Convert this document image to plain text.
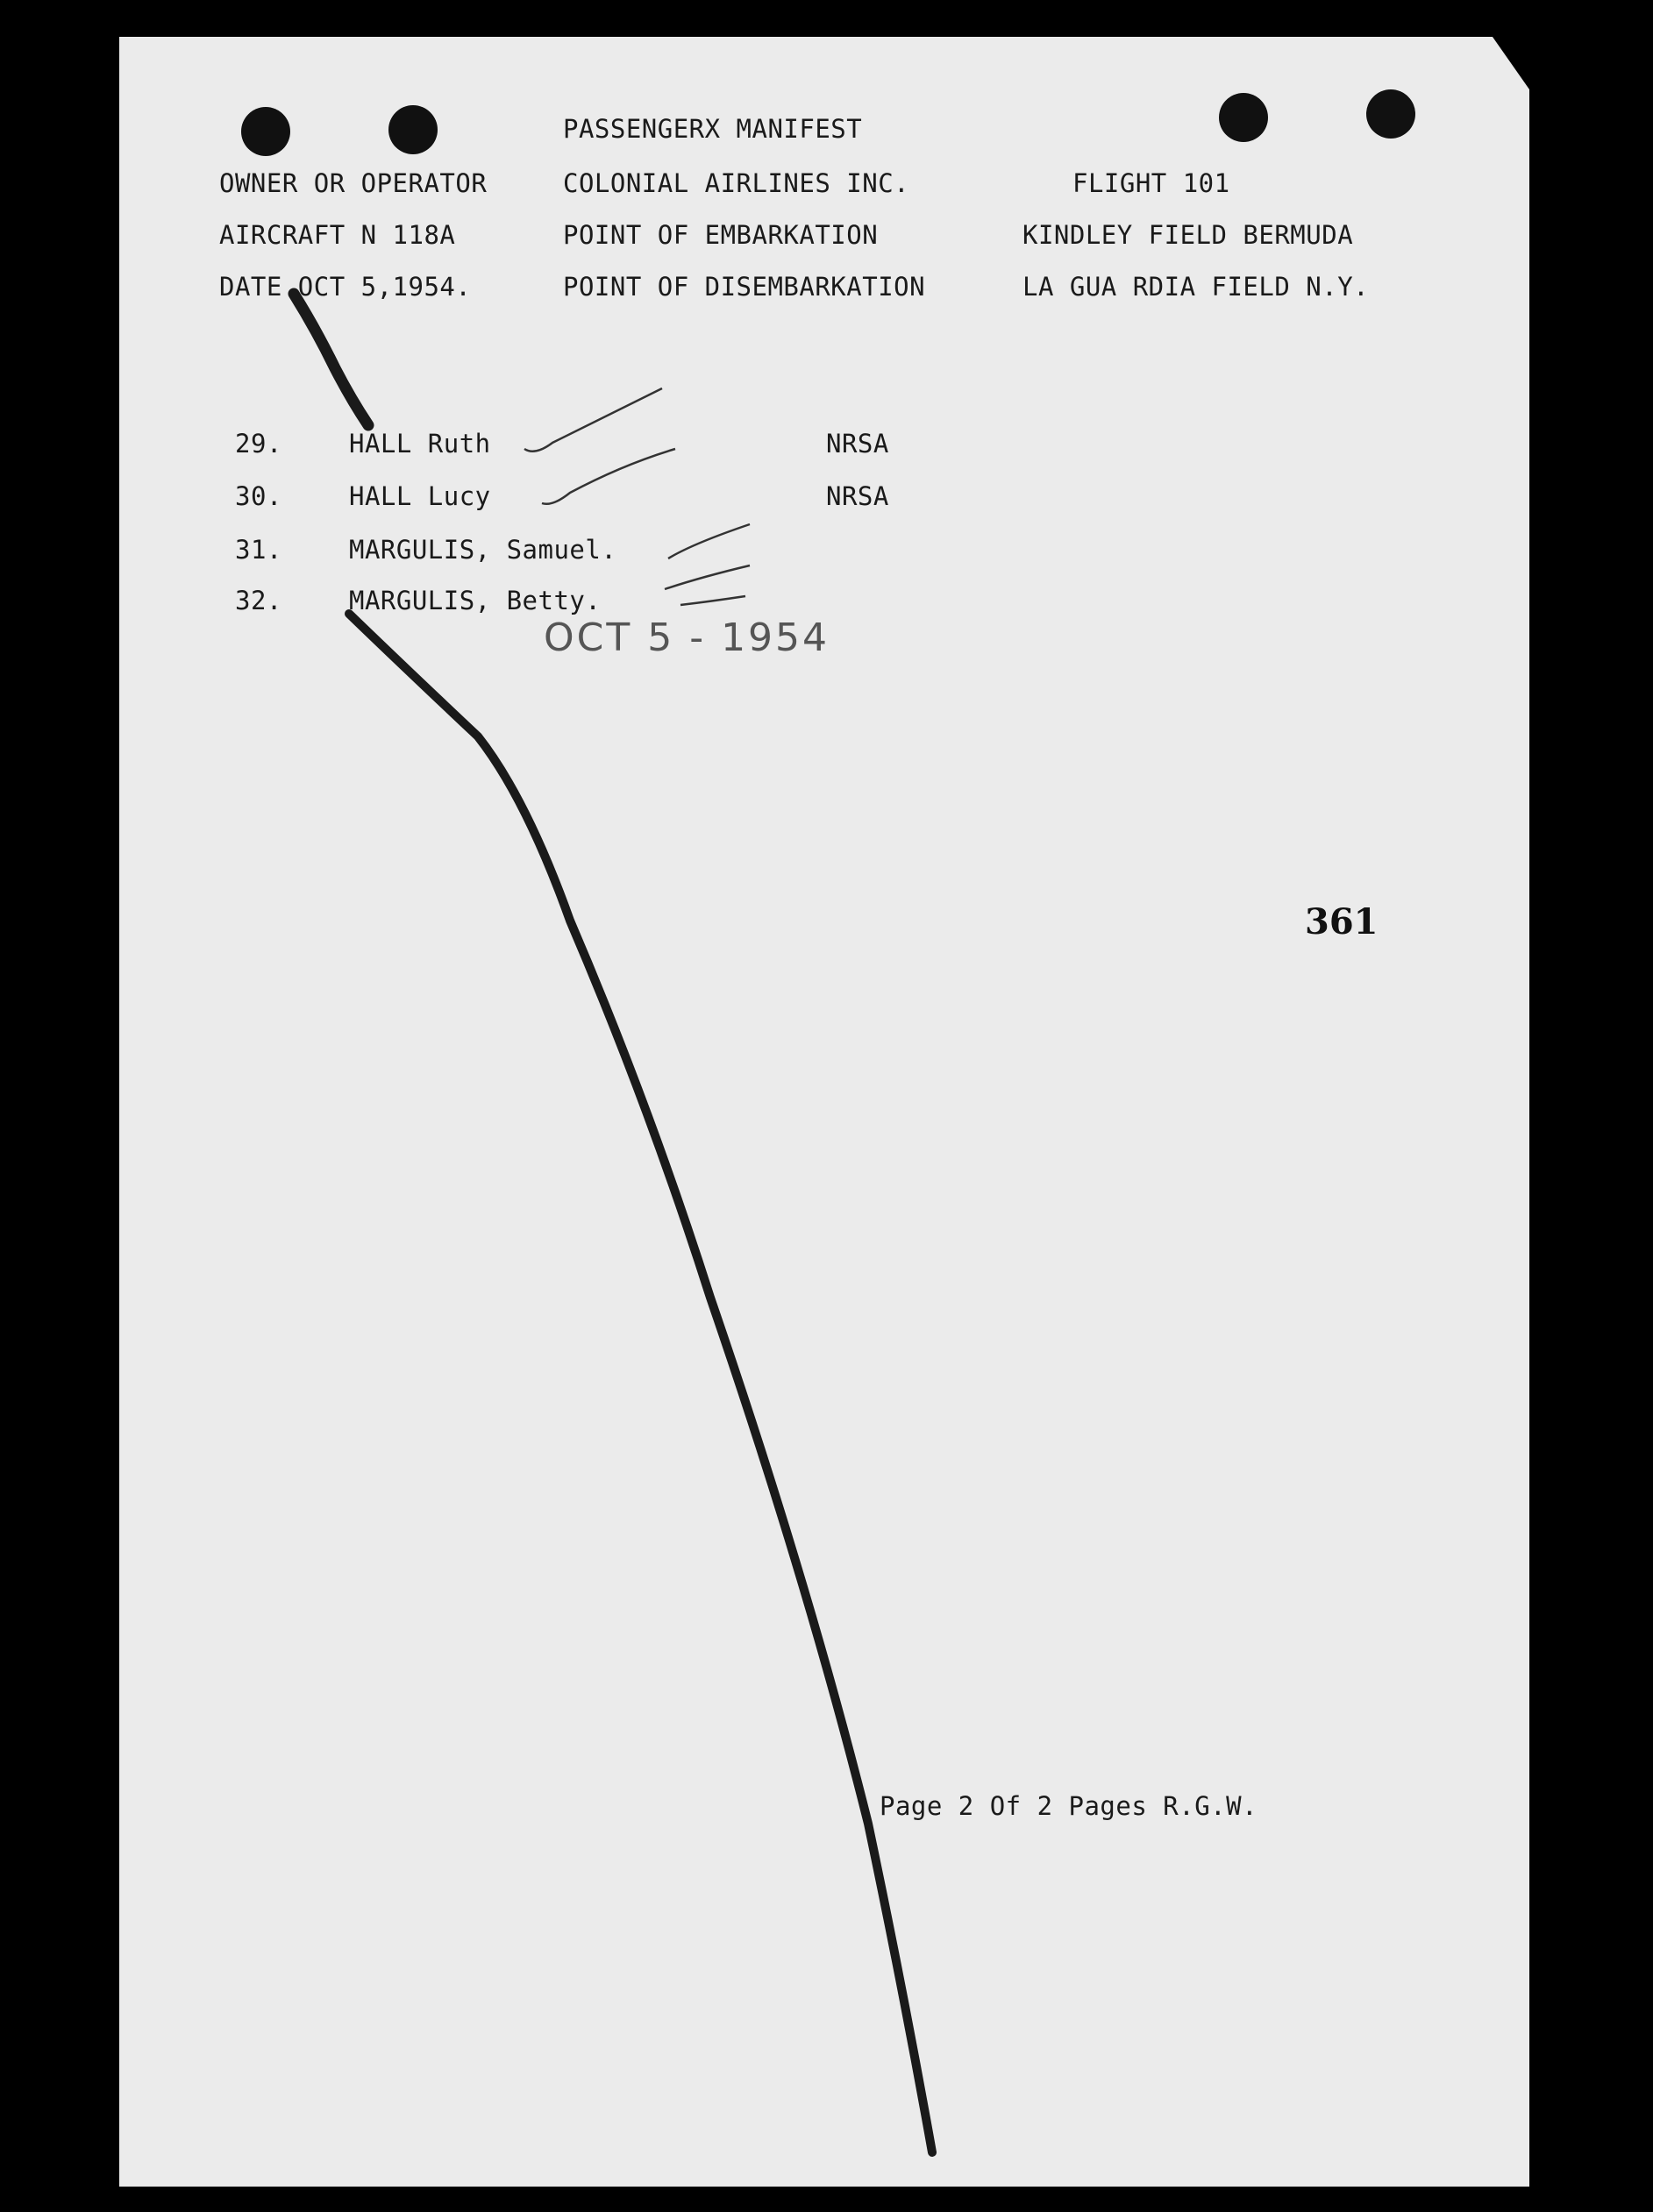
PASSENGERX MANIFEST
OWNER OR OPERATOR	COLONIAL AIRLINES INC.	FLIGHT 101
AIRCRAFT N 118A	POINT OF EMBARKATION	KINDLEY FIELD BERMUDA
DATE OCT 5,1954.	POINT OF DISEMBARKATION	LA GUA RDIA FIELD N.Y.
29.	HALL Ruth	NRSA
30.	HALL Lucy	NRSA
31.	MARGULIS, Samuel.
32.	MARGULIS, Betty.
OCT 5 - 1954
361
Page 2 Of 2 Pages R.G.W.
